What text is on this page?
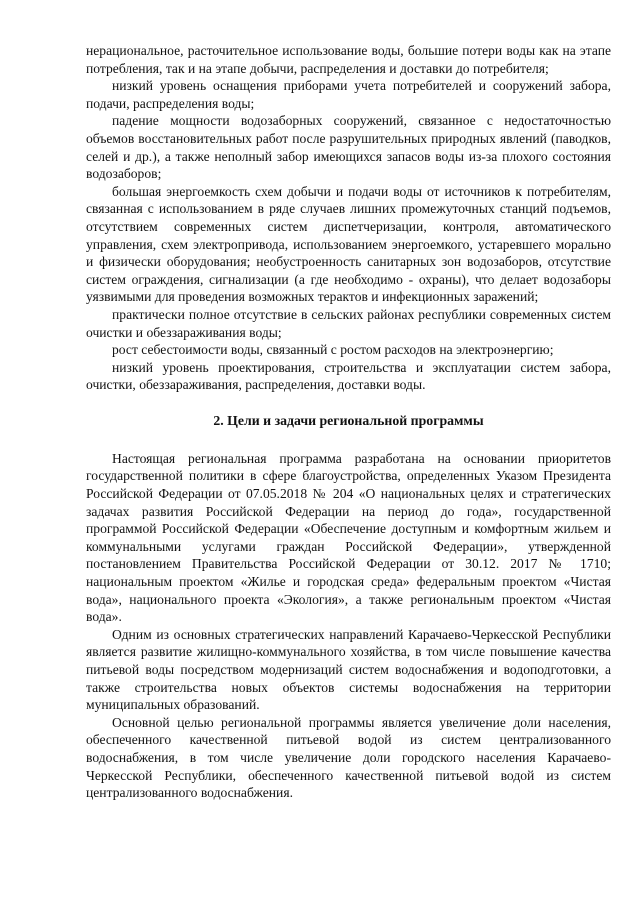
нерациональное, расточительное использование воды, большие потери воды как на этапе потребления, так и на этапе добычи, распределения и доставки до потребителя;

низкий уровень оснащения приборами учета потребителей и сооружений забора, подачи, распределения воды;

падение мощности водозаборных сооружений, связанное с недостаточностью объемов восстановительных работ после разрушительных природных явлений (паводков, селей и др.), а также неполный забор имеющихся запасов воды из-за плохого состояния водозаборов;

большая энергоемкость схем добычи и подачи воды от источников к потребителям, связанная с использованием в ряде случаев лишних промежуточных станций подъемов, отсутствием современных систем диспетчеризации, контроля, автоматического управления, схем электропривода, использованием энергоемкого, устаревшего морально и физически оборудования; необустроенность санитарных зон водозаборов, отсутствие систем ограждения, сигнализации (а где необходимо - охраны), что делает водозаборы уязвимыми для проведения возможных терактов и инфекционных заражений;

практически полное отсутствие в сельских районах республики современных систем очистки и обеззараживания воды;

рост себестоимости воды, связанный с ростом расходов на электроэнергию;

низкий уровень проектирования, строительства и эксплуатации систем забора, очистки, обеззараживания, распределения, доставки воды.

2. Цели и задачи региональной программы

Настоящая региональная программа разработана на основании приоритетов государственной политики в сфере благоустройства, определенных Указом Президента Российской Федерации от 07.05.2018 № 204 «О национальных целях и стратегических задачах развития Российской Федерации на период до года», государственной программой Российской Федерации «Обеспечение доступным и комфортным жильем и коммунальными услугами граждан Российской Федерации», утвержденной постановлением Правительства Российской Федерации от 30.12. 2017 № 1710; национальным проектом «Жилье и городская среда» федеральным проектом «Чистая вода», национального проекта «Экология», а также региональным проектом «Чистая вода».

Одним из основных стратегических направлений Карачаево-Черкесской Республики является развитие жилищно-коммунального хозяйства, в том числе повышение качества питьевой воды посредством модернизаций систем водоснабжения и водоподготовки, а также строительства новых объектов системы водоснабжения на территории муниципальных образований.

Основной целью региональной программы является увеличение доли населения, обеспеченного качественной питьевой водой из систем централизованного водоснабжения, в том числе увеличение доли городского населения Карачаево-Черкесской Республики, обеспеченного качественной питьевой водой из систем централизованного водоснабжения.
